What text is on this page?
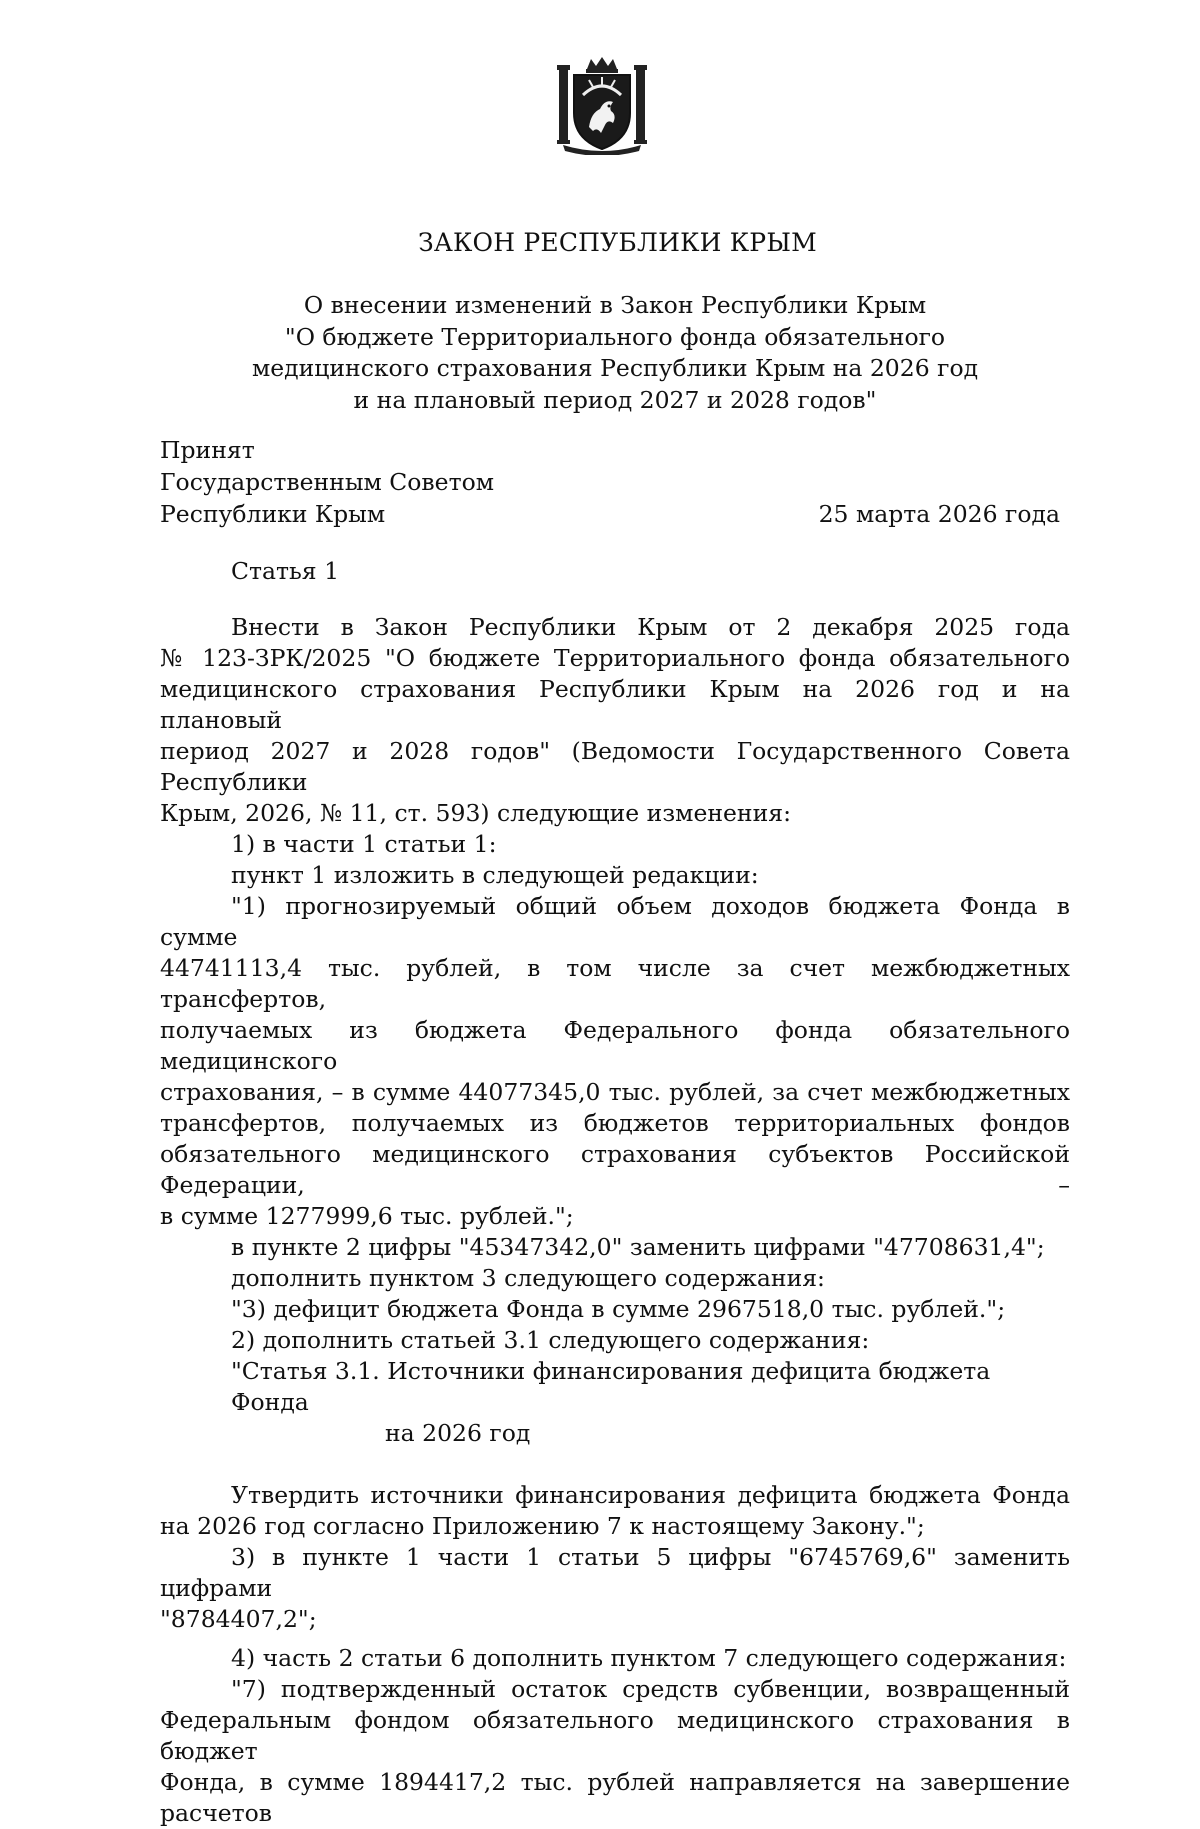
ЗАКОН РЕСПУБЛИКИ КРЫМ
О внесении изменений в Закон Республики Крым
"О бюджете Территориального фонда обязательного
медицинского страхования Республики Крым на 2026 год
и на плановый период 2027 и 2028 годов"
Принят
Государственным Советом
Республики Крым	25 марта 2026 года
Статья 1

Внести в Закон Республики Крым от 2 декабря 2025 года

№ 123-ЗРК/2025 "О бюджете Территориального фонда обязательного

медицинского страхования Республики Крым на 2026 год и на плановый

период 2027 и 2028 годов" (Ведомости Государственного Совета Республики

Крым, 2026, № 11, ст. 593) следующие изменения:

1) в части 1 статьи 1:

пункт 1 изложить в следующей редакции:

"1) прогнозируемый общий объем доходов бюджета Фонда в сумме

44741113,4 тыс. рублей, в том числе за счет межбюджетных трансфертов,

получаемых из бюджета Федерального фонда обязательного медицинского

страхования, – в сумме 44077345,0 тыс. рублей, за счет межбюджетных

трансфертов, получаемых из бюджетов территориальных фондов

обязательного медицинского страхования субъектов Российской Федерации, –

в сумме 1277999,6 тыс. рублей.";

в пункте 2 цифры "45347342,0" заменить цифрами "47708631,4";

дополнить пунктом 3 следующего содержания:

"3) дефицит бюджета Фонда в сумме 2967518,0 тыс. рублей.";

2) дополнить статьей 3.1 следующего содержания:

"Статья 3.1. Источники финансирования дефицита бюджета Фонда

на 2026 год

Утвердить источники финансирования дефицита бюджета Фонда

на 2026 год согласно Приложению 7 к настоящему Закону.";

3) в пункте 1 части 1 статьи 5 цифры "6745769,6" заменить цифрами

"8784407,2";

4) часть 2 статьи 6 дополнить пунктом 7 следующего содержания:

"7) подтвержденный остаток средств субвенции, возвращенный

Федеральным фондом обязательного медицинского страхования в бюджет

Фонда, в сумме 1894417,2 тыс. рублей направляется на завершение расчетов
